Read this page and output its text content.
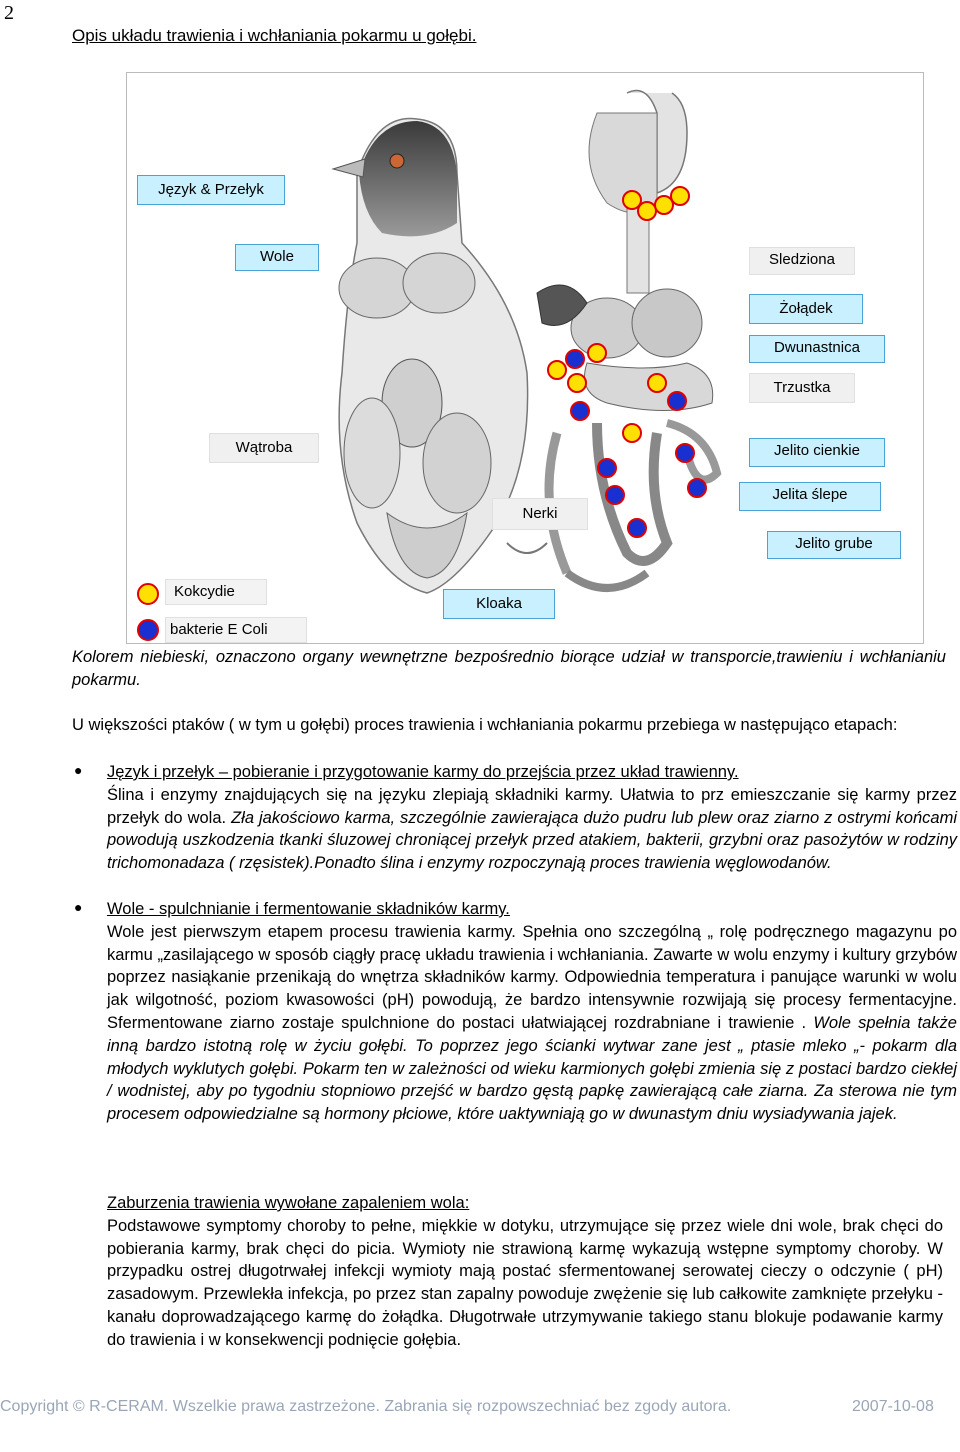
2
Opis układu trawienia i wchłaniania pokarmu u gołębi.
Język & Przełyk
Wole	Sledziona
Żołądek
Dwunastnica
Trzustka
Wątroba	Jelito cienkie
Jelita ślepe
Nerki
Jelito grube
Kloaka
Kokcydie
bakterie E Coli
Kolorem niebieski, oznaczono organy wewnętrzne bezpośrednio biorące udział w transporcie,trawieniu i wchłanianiu pokarmu.
U większości ptaków ( w tym u gołębi) proces trawienia i wchłaniania pokarmu przebiega w następująco etapach:
● Język i przełyk – pobieranie i przygotowanie karmy do przejścia przez układ trawienny.
Ślina i enzymy znajdujących się na języku zlepiają składniki karmy. Ułatwia to prz emieszczanie się karmy przez przełyk do wola. Zła jakościowo karma, szczególnie zawierająca dużo pudru lub plew oraz ziarno z ostrymi końcami powodują uszkodzenia tkanki śluzowej chroniącej przełyk przed atakiem, bakterii, grzybni oraz pasożytów w rodziny trichomonadaza ( rzęsistek).Ponadto ślina i enzymy rozpoczynają proces trawienia węglowodanów.
● Wole - spulchnianie i fermentowanie składników karmy.
Wole jest pierwszym etapem procesu trawienia karmy. Spełnia ono szczególną „ rolę podręcznego magazynu po karmu „zasilającego w sposób ciągły pracę układu trawienia i wchłaniania. Zawarte w wolu enzymy i kultury grzybów poprzez nasiąkanie przenikają do wnętrza składników karmy. Odpowiednia temperatura i panujące warunki w wolu jak wilgotność, poziom kwasowości (pH) powodują, że bardzo intensywnie rozwijają się procesy fermentacyjne. Sfermentowane ziarno zostaje spulchnione do postaci ułatwiającej rozdrabniane i trawienie . Wole spełnia także inną bardzo istotną rolę w życiu gołębi. To poprzez jego ścianki wytwar zane jest „ ptasie mleko „- pokarm dla młodych wyklutych gołębi. Pokarm ten w zależności od wieku karmionych gołębi zmienia się z postaci bardzo ciekłej / wodnistej, aby po tygodniu stopniowo przejść w bardzo gęstą papkę zawierającą całe ziarna. Za sterowa nie tym procesem odpowiedzialne są hormony płciowe, które uaktywniają go w dwunastym dniu wysiadywania jajek.
Zaburzenia trawienia wywołane zapaleniem wola:
Podstawowe symptomy choroby to pełne, miękkie w dotyku, utrzymujące się przez wiele dni wole, brak chęci do pobierania karmy, brak chęci do picia. Wymioty nie strawioną karmę wykazują wstępne symptomy choroby. W przypadku ostrej długotrwałej infekcji wymioty mają postać sfermentowanej serowatej cieczy o odczynie ( pH) zasadowym. Przewlekła infekcja, po przez stan zapalny powoduje zwężenie się lub całkowite zamknięte przełyku -kanału doprowadzającego karmę do żołądka. Długotrwałe utrzymywanie takiego stanu blokuje podawanie karmy do trawienia i w konsekwencji podnięcie gołębia.

Copyright © R-CERAM. Wszelkie prawa zastrzeżone. Zabrania się rozpowszechniać bez zgody autora.

	2007-10-08
